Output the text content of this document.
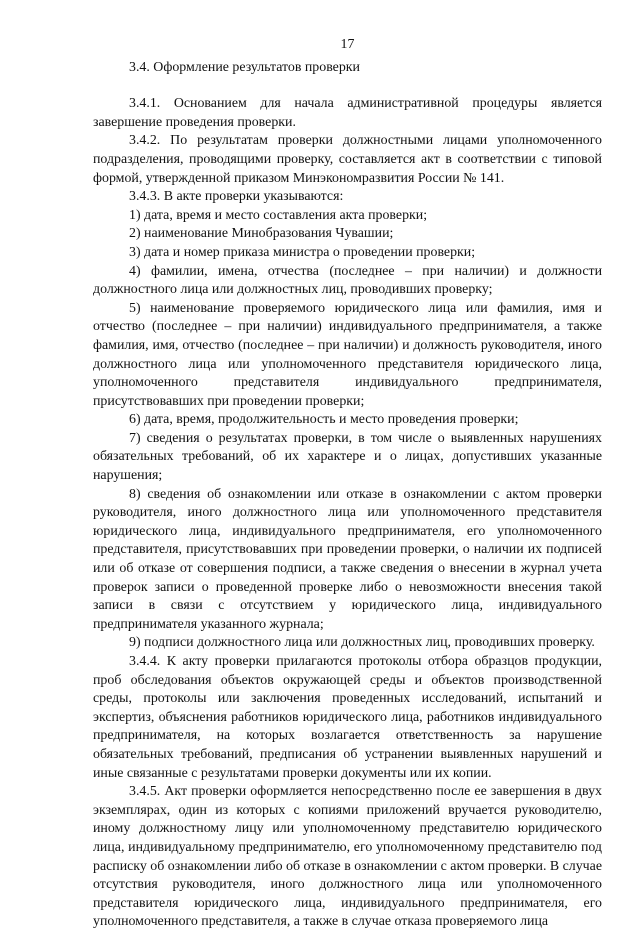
17
3.4. Оформление результатов проверки

3.4.1. Основанием для начала административной процедуры является завершение проведения проверки.

3.4.2. По результатам проверки должностными лицами уполномоченного подразделения, проводящими проверку, составляется акт в соответствии с типовой формой, утвержденной приказом Минэкономразвития России № 141.

3.4.3. В акте проверки указываются:

1) дата, время и место составления акта проверки;

2) наименование Минобразования Чувашии;

3) дата и номер приказа министра о проведении проверки;

4) фамилии, имена, отчества (последнее – при наличии) и должности должностного лица или должностных лиц, проводивших проверку;

5) наименование проверяемого юридического лица или фамилия, имя и отчество (последнее – при наличии) индивидуального предпринимателя, а также фамилия, имя, отчество (последнее – при наличии) и должность руководителя, иного должностного лица или уполномоченного представителя юридического лица, уполномоченного представителя индивидуального предпринимателя, присутствовавших при проведении проверки;

6) дата, время, продолжительность и место проведения проверки;

7) сведения о результатах проверки, в том числе о выявленных нарушениях обязательных требований, об их характере и о лицах, допустивших указанные нарушения;

8) сведения об ознакомлении или отказе в ознакомлении с актом проверки руководителя, иного должностного лица или уполномоченного представителя юридического лица, индивидуального предпринимателя, его уполномоченного представителя, присутствовавших при проведении проверки, о наличии их подписей или об отказе от совершения подписи, а также сведения о внесении в журнал учета проверок записи о проведенной проверке либо о невозможности внесения такой записи в связи с отсутствием у юридического лица, индивидуального предпринимателя указанного журнала;

9) подписи должностного лица или должностных лиц, проводивших проверку.

3.4.4. К акту проверки прилагаются протоколы отбора образцов продукции, проб обследования объектов окружающей среды и объектов производственной среды, протоколы или заключения проведенных исследований, испытаний и экспертиз, объяснения работников юридического лица, работников индивидуального предпринимателя, на которых возлагается ответственность за нарушение обязательных требований, предписания об устранении выявленных нарушений и иные связанные с результатами проверки документы или их копии.

3.4.5. Акт проверки оформляется непосредственно после ее завершения в двух экземплярах, один из которых с копиями приложений вручается руководителю, иному должностному лицу или уполномоченному представителю юридического лица, индивидуальному предпринимателю, его уполномоченному представителю под расписку об ознакомлении либо об отказе в ознакомлении с актом проверки. В случае отсутствия руководителя, иного должностного лица или уполномоченного представителя юридического лица, индивидуального предпринимателя, его уполномоченного представителя, а также в случае отказа проверяемого лица
